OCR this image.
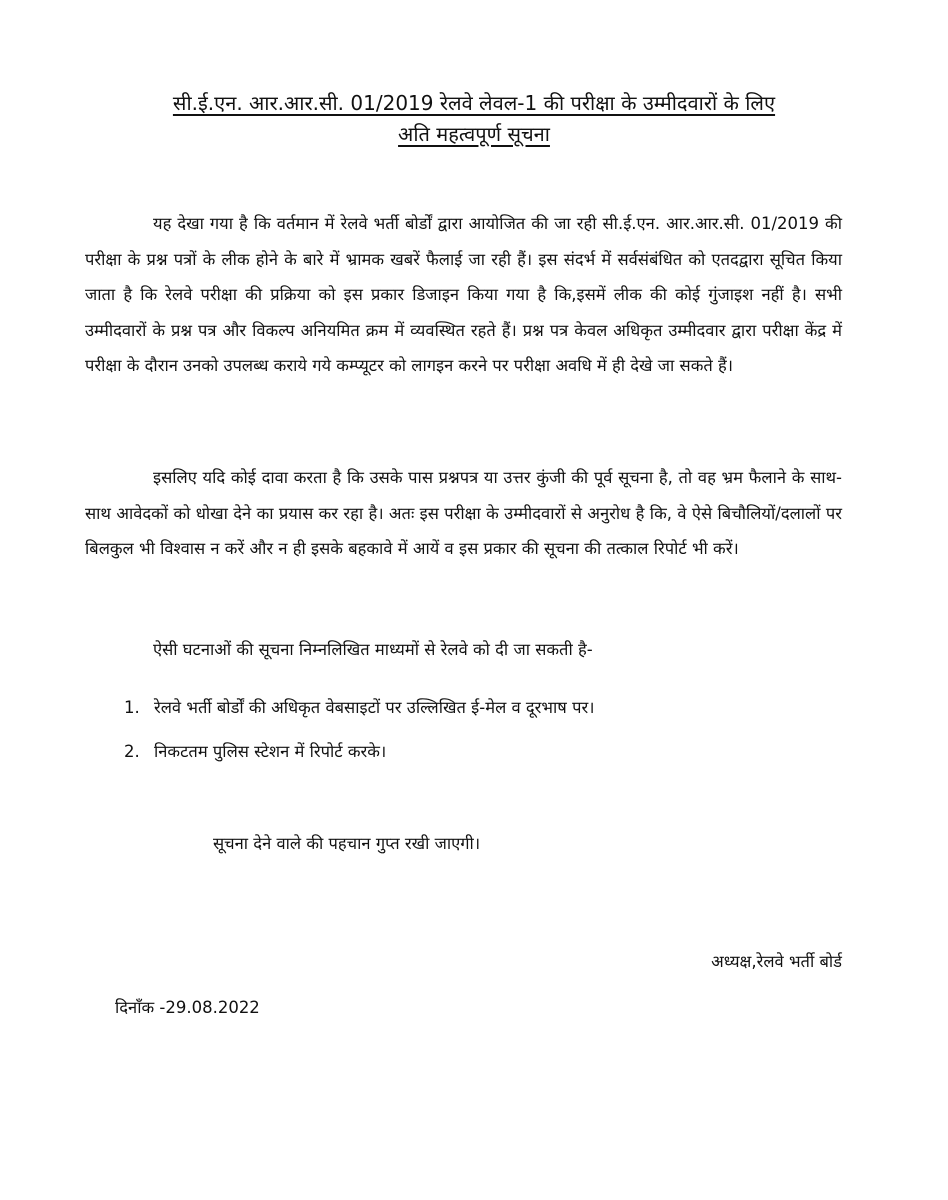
सी.ई.एन. आर.आर.सी. 01/2019 रेलवे लेवल-1 की परीक्षा के उम्मीदवारों के लिए
अति महत्वपूर्ण सूचना

यह देखा गया है कि वर्तमान में रेलवे भर्ती बोर्डों द्वारा आयोजित की जा रही सी.ई.एन. आर.आर.सी. 01/2019 की परीक्षा के प्रश्न पत्रों के लीक होने के बारे में भ्रामक खबरें फैलाई जा रही हैं। इस संदर्भ में सर्वसंबंधित को एतदद्वारा सूचित किया जाता है कि रेलवे परीक्षा की प्रक्रिया को इस प्रकार डिजाइन किया गया है कि,इसमें लीक की कोई गुंजाइश नहीं है। सभी उम्मीदवारों के प्रश्न पत्र और विकल्प अनियमित क्रम में व्यवस्थित रहते हैं। प्रश्न पत्र केवल अधिकृत उम्मीदवार द्वारा परीक्षा केंद्र में परीक्षा के दौरान उनको उपलब्ध कराये गये कम्प्यूटर को लागइन करने पर परीक्षा अवधि में ही देखे जा सकते हैं।

इसलिए यदि कोई दावा करता है कि उसके पास प्रश्नपत्र या उत्तर कुंजी की पूर्व सूचना है, तो वह भ्रम फैलाने के साथ-साथ आवेदकों को धोखा देने का प्रयास कर रहा है। अतः इस परीक्षा के उम्मीदवारों से अनुरोध है कि, वे ऐसे बिचौलियों/दलालों पर बिलकुल भी विश्वास न करें और न ही इसके बहकावे में आयें व इस प्रकार की सूचना की तत्काल रिपोर्ट भी करें।

ऐसी घटनाओं की सूचना निम्नलिखित माध्यमों से रेलवे को दी जा सकती है-
1. रेलवे भर्ती बोर्डों की अधिकृत वेबसाइटों पर उल्लिखित ई-मेल व दूरभाष पर।
2. निकटतम पुलिस स्टेशन में रिपोर्ट करके।
सूचना देने वाले की पहचान गुप्त रखी जाएगी।
अध्यक्ष,रेलवे भर्ती बोर्ड
दिनाँक -29.08.2022
